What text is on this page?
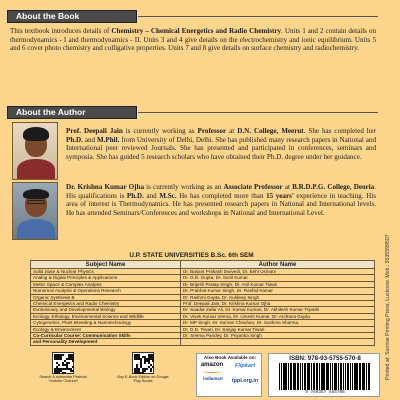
About the Book

This textbook introduces details of Chemistry – Chemical Energetics and Radio Chemistry. Units 1 and 2 contain details on thermodynamics - I and thermodynamics - II. Units 3 and 4 give details on the electrochemistry and ionic equilibrium. Units 5 and 6 cover photo chemistry and colligative properties. Units 7 and 8 give details on surface chemistry and radiochemistry.

About the Author

Prof. Deepali Jain is currently working as Professor at D.N. College, Meerut. She has completed her Ph.D. and M.Phil. from University of Delhi, Delhi. She has published many research papers in National and International peer reviewed Journals. She has presented and participated in conferences, seminars and symposia. She has guided 5 research scholars who have obtained their Ph.D. degree under her guidance.

Dr. Krishna Kumar Ojha is currently working as an Associate Professor at B.R.D.P.G. College, Deoria. His qualifications is Ph.D. and M.Sc. He has completed more than 15 years' experience in teaching. His area of interest is Thermodynamics. He has presented research papers in National and International levels. He has attended Seminars/Conferences and workshops in National and International Level.

U.P. STATE UNIVERSITIES B.Sc. 6th SEM
Subject Name	Author Name
Solid State & Nuclear Physics	Dr. Basant Prakash Dwivedi, Dr. Behl Usmani
Analog & Digital Principles & Applications	Dr. D.D. Gupta, Dr. Sunil Kumar
Metric Space & Complex Analysis	Dr. Brijesh Pratap Singh, Dr. Anil Kumar Tiwari
Numerical Analysis & Operations Research	Dr. Prabhat Kumar Singh, Dr. Rashid Kamar
Organic Synthesis B	Dr. Rashmi Gupta, Dr. Kuldeep Singh
Chemical Energetics and Radio Chemistry	Prof. Deepali Jain, Dr. Krishna Kumar Ojha
Evolutionary and Developmental Biology	Dr. Saadat Zafar Ali, Dr. Komal Kumari, Dr. Akhilesh Kumar Tripathi
Ecology, Ethology, Environmental Science and Wildlife	Dr. Vivek Kumar Verma, Dr. Umesh Kumar, Dr. Archana Gupta
Cytogenetics, Plant Breeding & Nanotechnology	Dr. MP Singh, Dr. Suman Chauhan, Dr. Sushma Sharma,
Ecology & Environment	Dr. D.D. Tiwari, Dr. Sanjay Kumar Tiwari
Co-Curricular Course: Communication Skills	Dr. Seema Pandey, Dr. Priyanka Singh
and Personality Development		Printed at: Sunrise Printing Press, Lucknow. Mob.: 9335599507
Search & subscribe Prabhat Youtube Channel
Buy E-Book Edition on Google Play Books
Also Book Available on:
amazon	Flipkart
indiamart	tppl.org.in
ISBN: 978-93-5755-570-8
9 789357 555708
